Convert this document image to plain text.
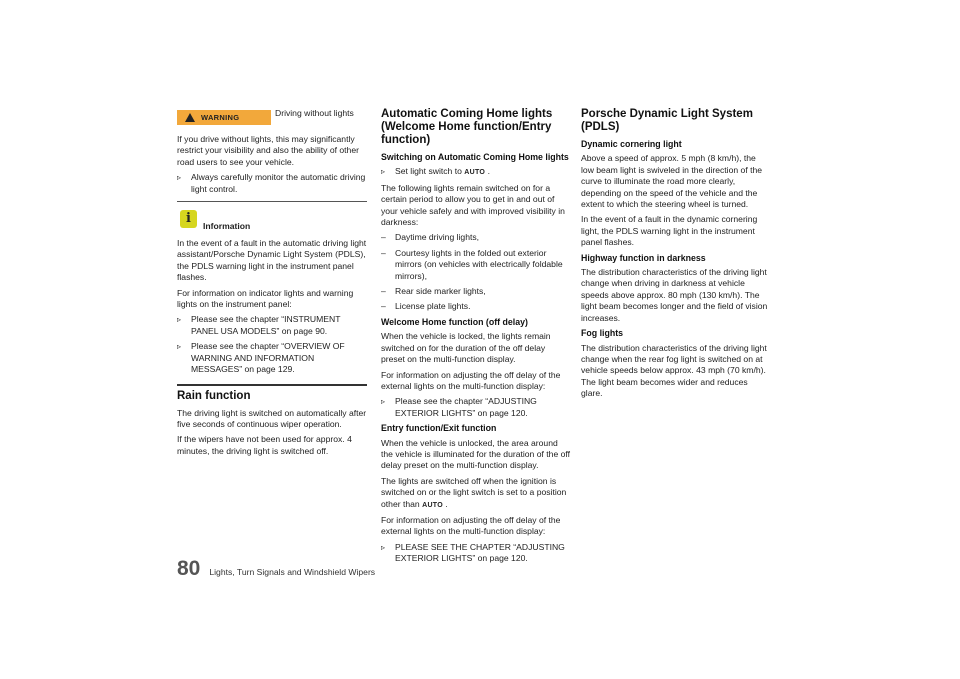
WARNING	Driving without lights

If you drive without lights, this may significantly restrict your visibility and also the ability of other road users to see your vehicle.

▹ Always carefully monitor the automatic driving light control.

i	Information

In the event of a fault in the automatic driving light assistant/Porsche Dynamic Light System (PDLS), the PDLS warning light in the instrument panel flashes.

For information on indicator lights and warning lights on the instrument panel:

▹ Please see the chapter “INSTRUMENT PANEL USA MODELS” on page 90.

▹ Please see the chapter “OVERVIEW OF WARNING AND INFORMATION MESSAGES” on page 129.

Rain function

The driving light is switched on automatically after five seconds of continuous wiper operation.

If the wipers have not been used for approx. 4 minutes, the driving light is switched off.

Automatic Coming Home lights (Welcome Home function/Entry function)
Switching on Automatic Coming Home lights

▹ Set light switch to AUTO .

The following lights remain switched on for a certain period to allow you to get in and out of your vehicle safely and with improved visibility in darkness:

– Daytime driving lights,

– Courtesy lights in the folded out exterior mirrors (on vehicles with electrically foldable mirrors),

– Rear side marker lights,

– License plate lights.

Welcome Home function (off delay)

When the vehicle is locked, the lights remain switched on for the duration of the off delay preset on the multi-function display.

For information on adjusting the off delay of the external lights on the multi-function display:

▹ Please see the chapter “ADJUSTING EXTERIOR LIGHTS” on page 120.

Entry function/Exit function

When the vehicle is unlocked, the area around the vehicle is illuminated for the duration of the off delay preset on the multi-function display.

The lights are switched off when the ignition is switched on or the light switch is set to a position other than AUTO .

For information on adjusting the off delay of the external lights on the multi-function display:

▹ PLEASE SEE THE CHAPTER “ADJUSTING EXTERIOR LIGHTS” on page 120.

Porsche Dynamic Light System (PDLS)
Dynamic cornering light

Above a speed of approx. 5 mph (8 km/h), the low beam light is swiveled in the direction of the curve to illuminate the road more clearly, depending on the speed of the vehicle and the extent to which the steering wheel is turned.

In the event of a fault in the dynamic cornering light, the PDLS warning light in the instrument panel flashes.

Highway function in darkness

The distribution characteristics of the driving light change when driving in darkness at vehicle speeds above approx. 80 mph (130 km/h). The light beam becomes longer and the field of vision increases.

Fog lights

The distribution characteristics of the driving light change when the rear fog light is switched on at vehicle speeds below approx. 43 mph (70 km/h). The light beam becomes wider and reduces glare.

80 Lights, Turn Signals and Windshield Wipers
